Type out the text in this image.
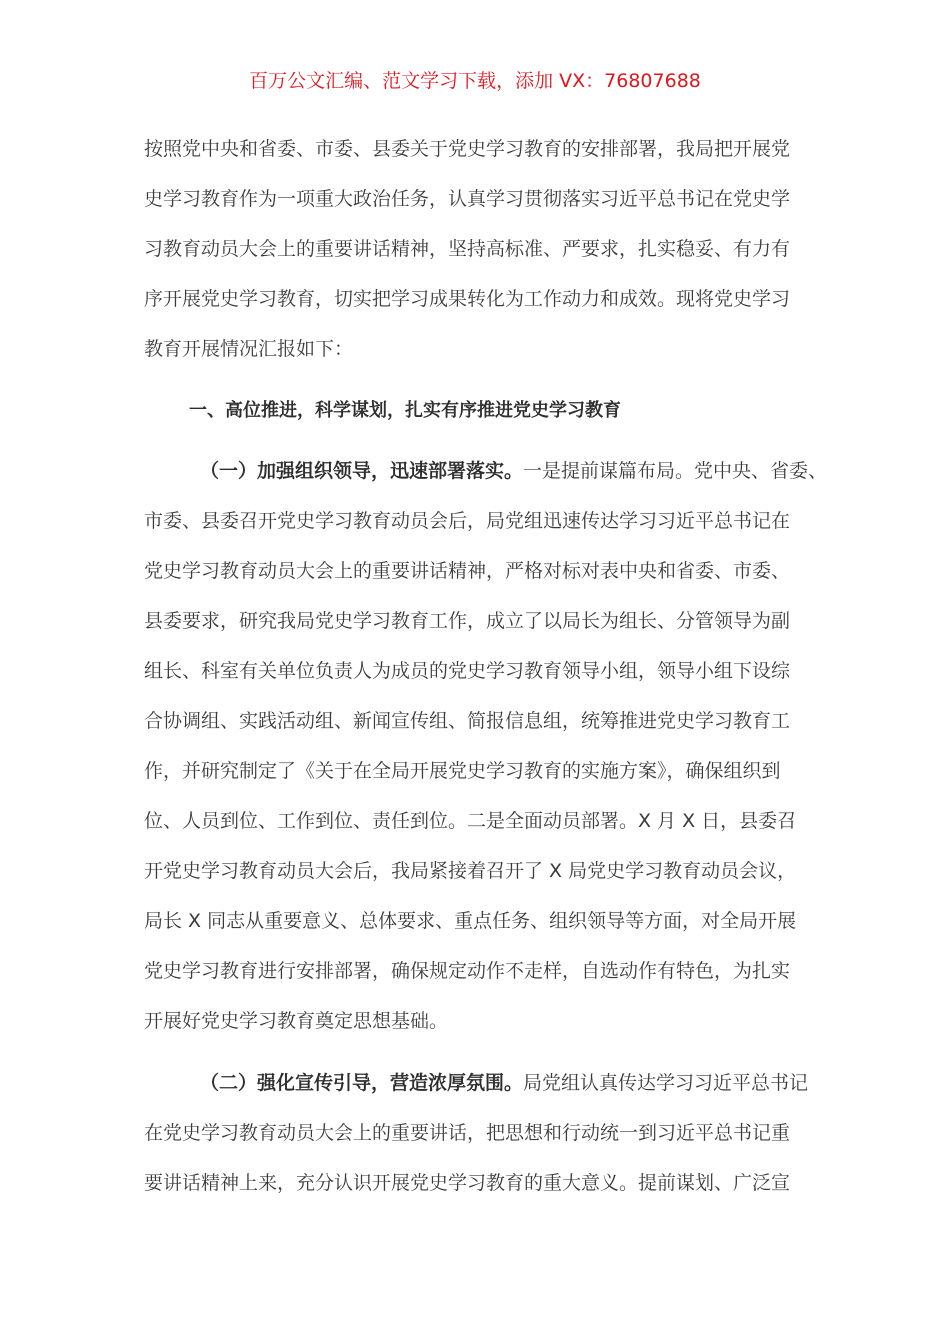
百万公文汇编、范文学习下载，添加 VX：76807688
按照党中央和省委、市委、县委关于党史学习教育的安排部署，我局把开展党
史学习教育作为一项重大政治任务，认真学习贯彻落实习近平总书记在党史学
习教育动员大会上的重要讲话精神，坚持高标准、严要求，扎实稳妥、有力有
序开展党史学习教育，切实把学习成果转化为工作动力和成效。现将党史学习
教育开展情况汇报如下：
一、高位推进，科学谋划，扎实有序推进党史学习教育
（一）加强组织领导，迅速部署落实。一是提前谋篇布局。党中央、省委、
市委、县委召开党史学习教育动员会后，局党组迅速传达学习习近平总书记在
党史学习教育动员大会上的重要讲话精神，严格对标对表中央和省委、市委、
县委要求，研究我局党史学习教育工作，成立了以局长为组长、分管领导为副
组长、科室有关单位负责人为成员的党史学习教育领导小组，领导小组下设综
合协调组、实践活动组、新闻宣传组、简报信息组，统筹推进党史学习教育工
作，并研究制定了《关于在全局开展党史学习教育的实施方案》，确保组织到
位、人员到位、工作到位、责任到位。二是全面动员部署。X 月 X 日，县委召
开党史学习教育动员大会后，我局紧接着召开了 X 局党史学习教育动员会议，
局长 X 同志从重要意义、总体要求、重点任务、组织领导等方面，对全局开展
党史学习教育进行安排部署，确保规定动作不走样，自选动作有特色，为扎实
开展好党史学习教育奠定思想基础。
（二）强化宣传引导，营造浓厚氛围。局党组认真传达学习习近平总书记
在党史学习教育动员大会上的重要讲话，把思想和行动统一到习近平总书记重
要讲话精神上来，充分认识开展党史学习教育的重大意义。提前谋划、广泛宣
